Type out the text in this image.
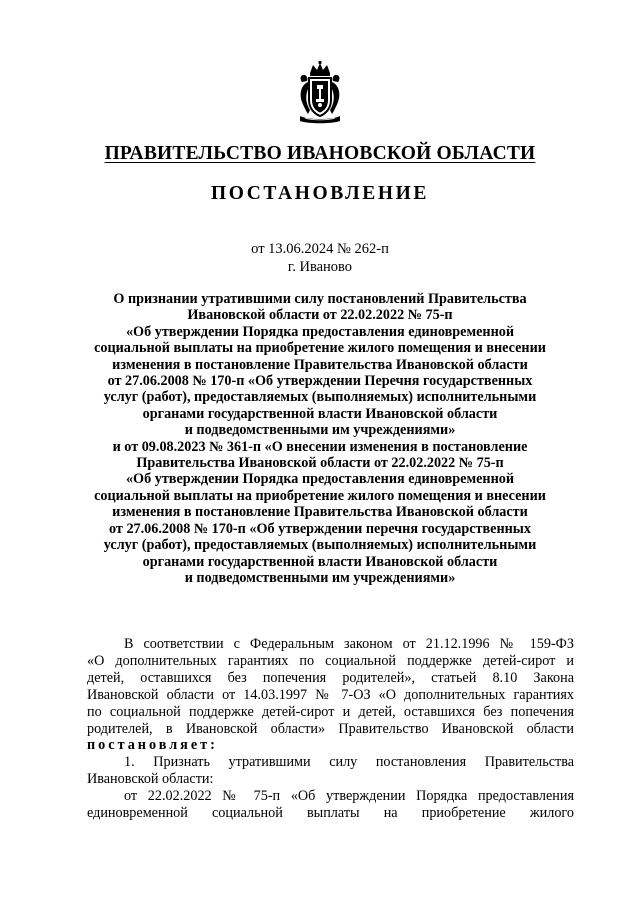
ПРАВИТЕЛЬСТВО ИВАНОВСКОЙ ОБЛАСТИ
ПОСТАНОВЛЕНИЕ
от 13.06.2024 № 262-п
г. Иваново
О признании утратившими силу постановлений Правительства
Ивановской области от 22.02.2022 № 75-п
«Об утверждении Порядка предоставления единовременной
социальной выплаты на приобретение жилого помещения и внесении
изменения в постановление Правительства Ивановской области
от 27.06.2008 № 170-п «Об утверждении Перечня государственных
услуг (работ), предоставляемых (выполняемых) исполнительными
органами государственной власти Ивановской области
и подведомственными им учреждениями»
и от 09.08.2023 № 361-п «О внесении изменения в постановление
Правительства Ивановской области от 22.02.2022 № 75-п
«Об утверждении Порядка предоставления единовременной
социальной выплаты на приобретение жилого помещения и внесении
изменения в постановление Правительства Ивановской области
от 27.06.2008 № 170-п «Об утверждении перечня государственных
услуг (работ), предоставляемых (выполняемых) исполнительными
органами государственной власти Ивановской области
и подведомственными им учреждениями»
В соответствии с Федеральным законом от 21.12.1996 № 159-ФЗ
«О дополнительных гарантиях по социальной поддержке детей-сирот и
детей, оставшихся без попечения родителей», статьей 8.10 Закона
Ивановской области от 14.03.1997 № 7-ОЗ «О дополнительных гарантиях
по социальной поддержке детей-сирот и детей, оставшихся без попечения
родителей, в Ивановской области» Правительство Ивановской области
постановляет:
1. Признать утратившими силу постановления Правительства
Ивановской области:
от 22.02.2022 № 75-п «Об утверждении Порядка предоставления
единовременной социальной выплаты на приобретение жилого
